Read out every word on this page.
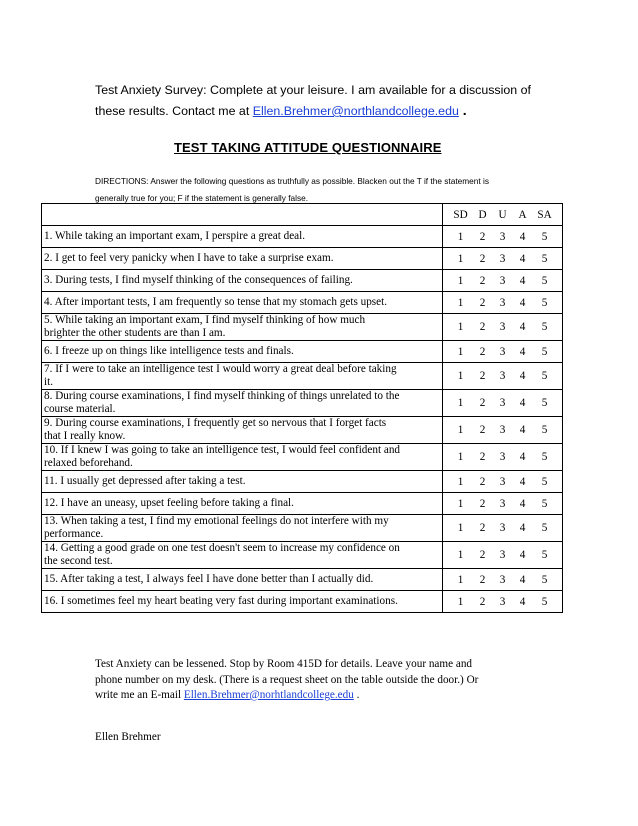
Test Anxiety Survey: Complete at your leisure. I am available for a discussion of
these results. Contact me at Ellen.Brehmer@northlandcollege.edu .
TEST TAKING ATTITUDE QUESTIONNAIRE
DIRECTIONS: Answer the following questions as truthfully as possible. Blacken out the T if the statement is
generally true for you; F if the statement is generally false.
	SD D U A SA

1. While taking an important exam, I perspire a great deal.	1 2 3 4 5

2. I get to feel very panicky when I have to take a surprise exam.	1 2 3 4 5

3. During tests, I find myself thinking of the consequences of failing.	1 2 3 4 5

4. After important tests, I am frequently so tense that my stomach gets upset.	1 2 3 4 5

5. While taking an important exam, I find myself thinking of how much
brighter the other students are than I am.	1 2 3 4 5

6. I freeze up on things like intelligence tests and finals.	1 2 3 4 5

7. If I were to take an intelligence test I would worry a great deal before taking
it.	1 2 3 4 5

8. During course examinations, I find myself thinking of things unrelated to the
course material.	1 2 3 4 5

9. During course examinations, I frequently get so nervous that I forget facts
that I really know.	1 2 3 4 5

10. If I knew I was going to take an intelligence test, I would feel confident and
relaxed beforehand.	1 2 3 4 5

11. I usually get depressed after taking a test.	1 2 3 4 5

12. I have an uneasy, upset feeling before taking a final.	1 2 3 4 5

13. When taking a test, I find my emotional feelings do not interfere with my
performance.	1 2 3 4 5

14. Getting a good grade on one test doesn't seem to increase my confidence on
the second test.	1 2 3 4 5

15. After taking a test, I always feel I have done better than I actually did.	1 2 3 4 5

16. I sometimes feel my heart beating very fast during important examinations.	1 2 3 4 5
Test Anxiety can be lessened. Stop by Room 415D for details. Leave your name and
phone number on my desk. (There is a request sheet on the table outside the door.) Or
write me an E-mail Ellen.Brehmer@norhtlandcollege.edu .
Ellen Brehmer
